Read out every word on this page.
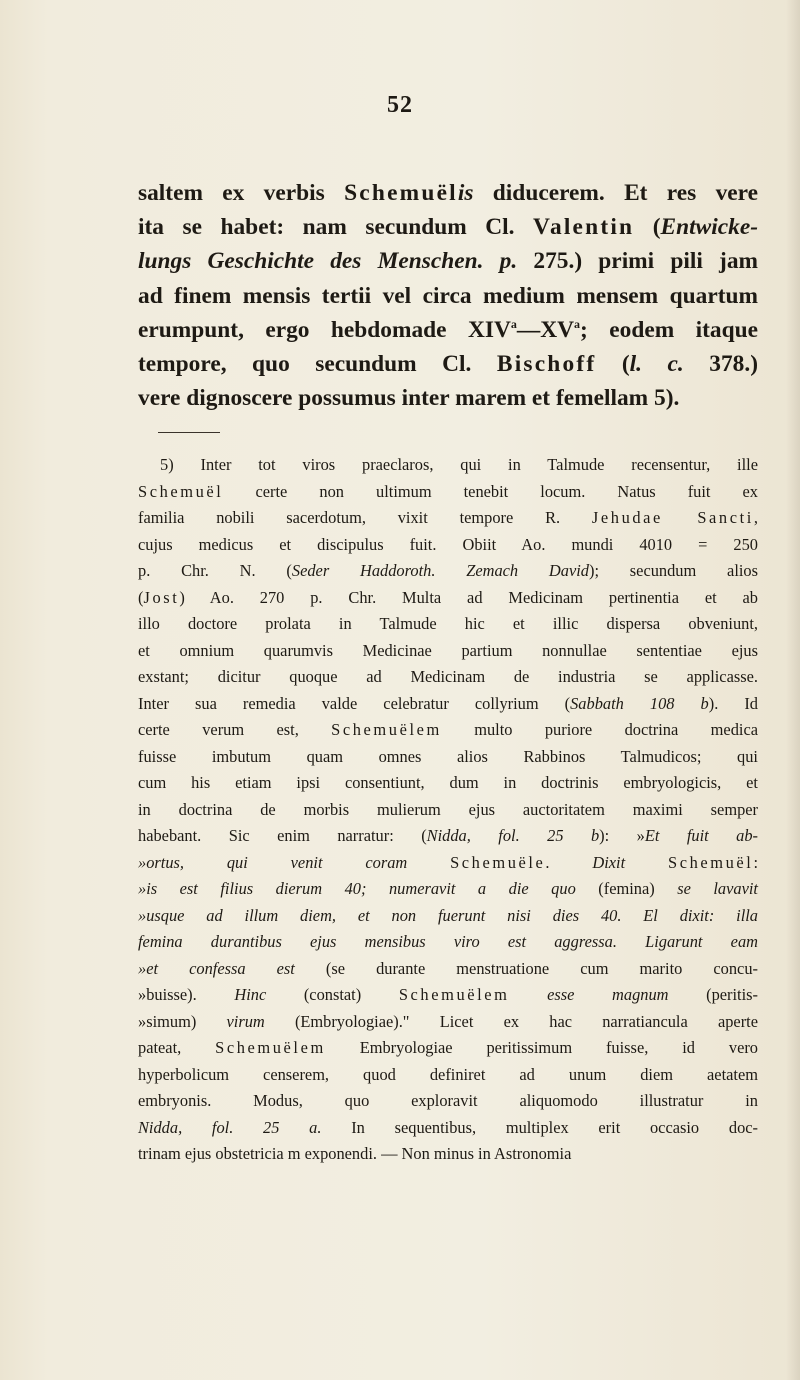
52
saltem ex verbis Schemuëlis diducerem. Et res vere
ita se habet: nam secundum Cl. Valentin (Entwicke-
lungs Geschichte des Menschen. p. 275.) primi pili jam
ad finem mensis tertii vel circa medium mensem quartum
erumpunt, ergo hebdomade $XIV^a—XV^a$; eodem itaque
tempore, quo secundum Cl. Bischoff (l. c. 378.)
vere dignoscere possumus inter marem et femellam 5).
5) Inter tot viros praeclaros, qui in Talmude recensentur, ille
Schemuël certe non ultimum tenebit locum. Natus fuit ex
familia nobili sacerdotum, vixit tempore R. Jehudae Sancti,
cujus medicus et discipulus fuit. Obiit Ao. mundi 4010 = 250
p. Chr. N. (Seder Haddoroth. Zemach David); secundum alios
(Jost) Ao. 270 p. Chr. Multa ad Medicinam pertinentia et ab
illo doctore prolata in Talmude hic et illic dispersa obveniunt,
et omnium quarumvis Medicinae partium nonnullae sententiae ejus
exstant; dicitur quoque ad Medicinam de industria se applicasse.
Inter sua remedia valde celebratur collyrium (Sabbath 108 b). Id
certe verum est, Schemuëlem multo puriore doctrina medica
fuisse imbutum quam omnes alios Rabbinos Talmudicos; qui
cum his etiam ipsi consentiunt, dum in doctrinis embryologicis, et
in doctrina de morbis mulierum ejus auctoritatem maximi semper
habebant. Sic enim narratur: (Nidda, fol. 25 b): »Et fuit ab-
»ortus, qui venit coram Schemuële. Dixit Schemuël:
»is est filius dierum 40; numeravit a die quo (femina) se lavavit
»usque ad illum diem, et non fuerunt nisi dies 40. El dixit: illa
femina durantibus ejus mensibus viro est aggressa. Ligarunt eam
»et confessa est (se durante menstruatione cum marito concu-
»buisse). Hinc (constat) Schemuëlem esse magnum (peritis-
»simum) virum (Embryologiae)." Licet ex hac narratiancula aperte
pateat, Schemuëlem Embryologiae peritissimum fuisse, id vero
hyperbolicum censerem, quod definiret ad unum diem aetatem
embryonis. Modus, quo exploravit aliquomodo illustratur in
Nidda, fol. 25 a. In sequentibus, multiplex erit occasio doc-
trinam ejus obstetricia m exponendi. — Non minus in Astronomia
